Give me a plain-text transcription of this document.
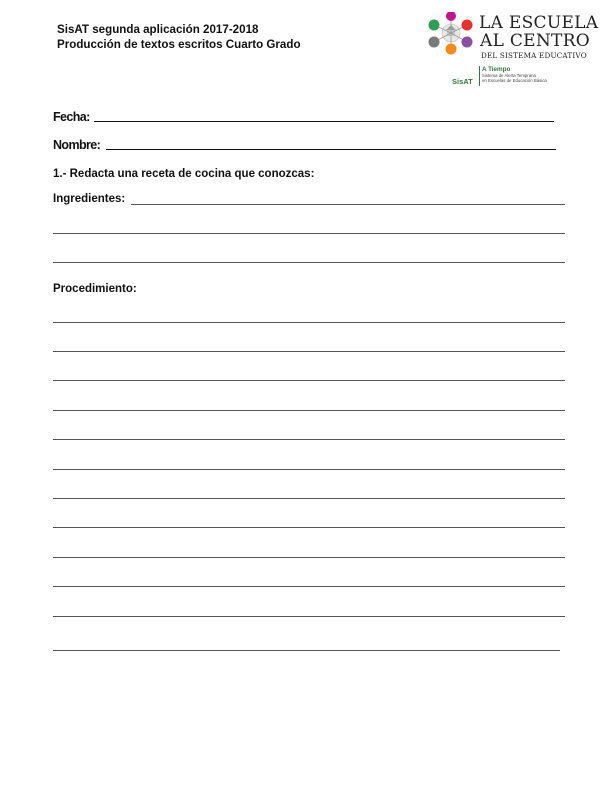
SisAT segunda aplicación 2017-2018
Producción de textos escritos Cuarto Grado
LA ESCUELA
AL CENTRO
DEL SISTEMA EDUCATIVO
SisAT
A Tiempo
Sistema de Alerta Temprana
en Escuelas de Educación Básica
Fecha:
Nombre:
1.- Redacta una receta de cocina que conozcas:
Ingredientes:
Procedimiento:
